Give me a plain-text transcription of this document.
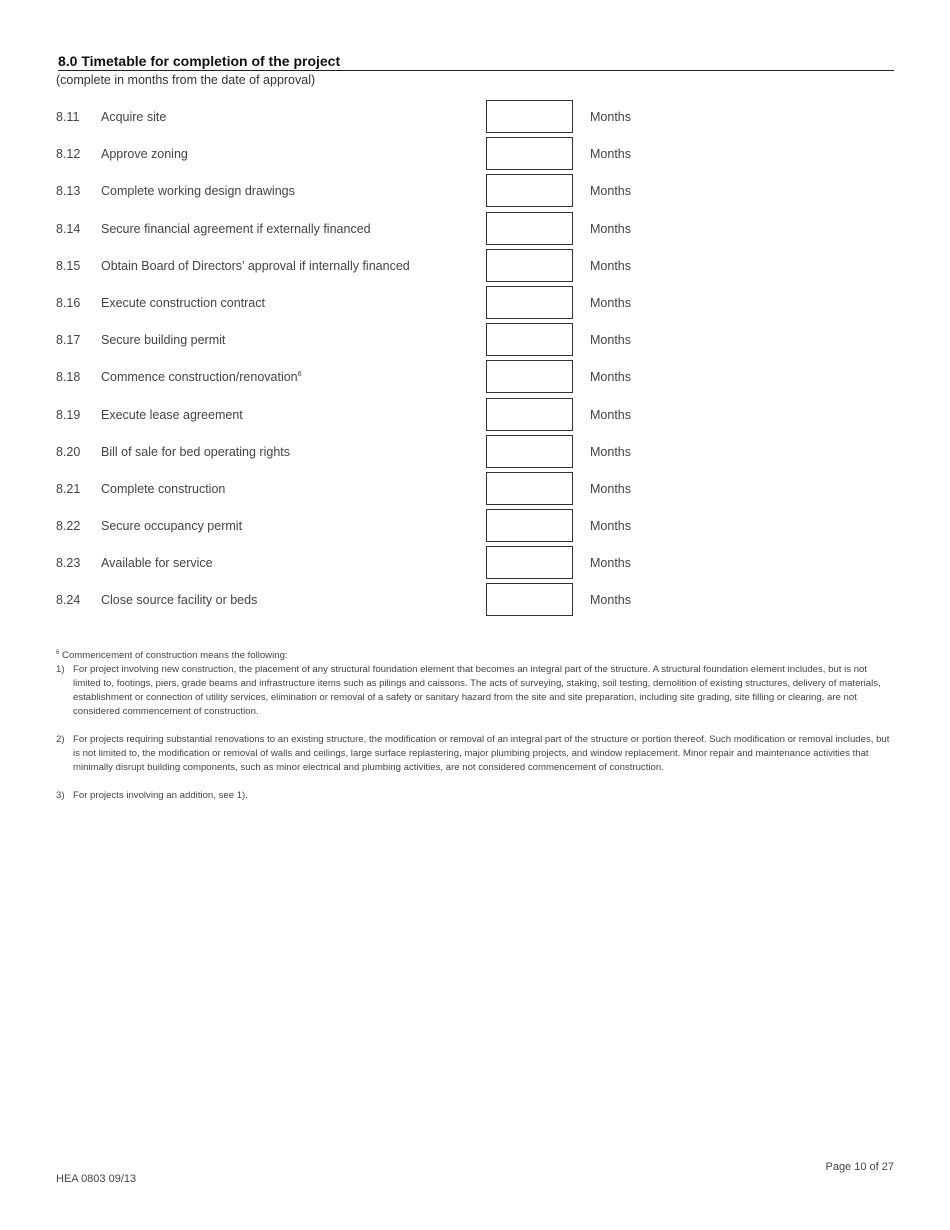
8.0 Timetable for completion of the project
(complete in months from the date of approval)
8.11 Acquire site	Months
8.12 Approve zoning	Months
8.13 Complete working design drawings	Months
8.14 Secure financial agreement if externally financed	Months
8.15 Obtain Board of Directors’ approval if internally financed	Months
8.16 Execute construction contract	Months
8.17 Secure building permit	Months
8.18 Commence construction/renovation$^6$	Months
8.19 Execute lease agreement	Months
8.20 Bill of sale for bed operating rights	Months
8.21 Complete construction	Months
8.22 Secure occupancy permit	Months
8.23 Available for service	Months
8.24 Close source facility or beds	Months
$^6$ Commencement of construction means the following:
1) For project involving new construction, the placement of any structural foundation element that becomes an integral part of the structure. A structural foundation element includes, but is not limited to, footings, piers, grade beams and infrastructure items such as pilings and caissons. The acts of surveying, staking, soil testing, demolition of existing structures, delivery of materials, establishment or connection of utility services, elimination or removal of a safety or sanitary hazard from the site and site preparation, including site grading, site filling or clearing, are not considered commencement of construction.
2) For projects requiring substantial renovations to an existing structure, the modification or removal of an integral part of the structure or portion thereof. Such modification or removal includes, but is not limited to, the modification or removal of walls and ceilings, large surface replastering, major plumbing projects, and window replacement. Minor repair and maintenance activities that minimally disrupt building components, such as minor electrical and plumbing activities, are not considered commencement of construction.
3) For projects involving an addition, see 1).
Page 10 of 27
HEA 0803 09/13
